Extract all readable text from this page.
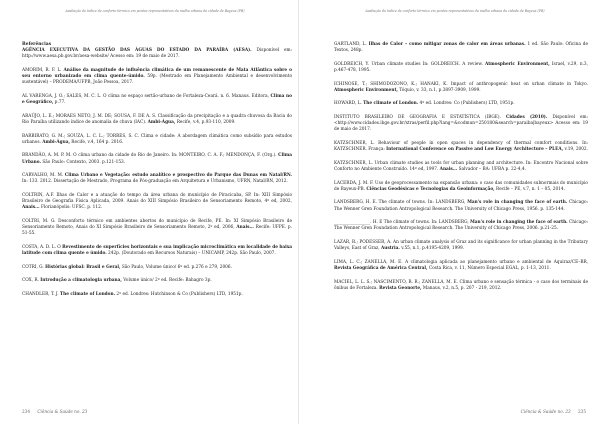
Avaliação do índice de conforto térmico em pontos representativos da malha urbana da cidade de Bayeux (PB)

Referências

AGÊNCIA EXECUTIVA DA GESTÃO DAS ÁGUAS DO ESTADO DA PARAÍBA (AESA). Disponível em: http://www.aesa.pb.gov.br/aesa-website/ Acesso em: 19 de maio de 2017.

AMORIM, R. F. L. Análise da magnitude de influência climática de um remanescente de Mata Atlântica sobre o seu entorno urbanizado em clima quente-úmido. 59p. (Mestrado em Planejamento Ambiental e desenvolvimento sustentável) – PRODEMA/UFPB, João Pessoa, 2017.

AL VARENGA, J. O.; SALES, M. C. L. O clima no espaço sertão-urbano de Fortaleza-Ceará. n. 6. Manaus. Editora, Clima no e Geográfico, p.77.

ARAÚJO, L. E.; MORAES NETO, J. M. DE; SOUSA, F. DE A. S. Classificação da precipitação e a quadra chuvosa da Bacia do Rio Paraíba utilizando índice de anomalia de chuva (IAC). Ambi-Água, Recife, v.4, p.93-110, 2009.

BARBIRATO, G. M.; SOUZA, L. C. L.; TORRES, S. C. Clima e cidade: A abordagem climática como subsídio para estudos urbanos. Ambi-Água, Recife, v.4, 164 p. 2016.

BRANDÃO, A. M. P. M. O clima urbano da cidade do Rio de Janeiro. In: MONTEIRO, C. A. F.; MENDONÇA, F. (Org.). Clima Urbano. São Paulo: Contexto, 2003. p.121-153.

CARVALHO, M. M. Clima Urbano e Vegetação: estudo analítico e prospectivo do Parque das Dunas em Natal/RN. In: 133. 2012. Dissertação de Mestrado, Programa de Pós-graduação em Arquitetura e Urbanismo, UFRN, Natal/RN, 2012.

COLTRIN, A.F. Ilhas de Calor e a atuação do tempo da área urbana do município de Piracicaba, SP. In: XIII Simpósio Brasileiro de Geografia Física Aplicada, 2009. Anais do XIII Simpósio Brasileiro de Sensoriamento Remoto, 4º ed, 2002, Anais... Florianópolis: UFSC. p. 112.

COLTRI, M. G. Desconforto térmico em ambientes abertos do município de Recife, PE. In: XI Simpósio Brasileiro de Sensoriamento Remoto, Anais do XI Simpósio Brasileiro de Sensoriamento Remoto, 2º ed, 2006, Anais... Recife: UFPE. p. 51-55.

COSTA, A. D. L. O Revestimento de superfícies horizontais e sua implicação microclimática em localidade de baixa latitude com clima quente e úmido. 242p. (Doutorado em Recursos Naturais) – UNICAMP, 242p. São Paulo, 2007.

COTRI, G. Histórias global: Brasil e Geral, São Paulo, Volume único/ 6º ed. p.276 e 279, 2006.

COX, R. Introdução a climatologia urbana, Volume único/ 2º ed. Recife: Bahagro 3p.

CHANDLER, T. J. The climate of London. 2º ed. Londres: Hutchinson & Co (Publishers) LTD, 1951p.

234 Ciência & Saúde no. 23
Avaliação do índice de conforto térmico em pontos representativos da malha urbana da cidade de Bayeux (PB)

GARTLAND, L. Ilhas de Calor – como mitigar zonas de calor em áreas urbanas. 1 ed. São Paulo: Oficina de Textos, 248p.

GOLDREICH, Y. Urban climate studies In: GOLDREICH. A review. Atmospheric Environment, Israel, v.29, n.3, p.467-478, 1995.

ICHINOSE, T.; SHIMODOZONO, K.; HANAKI, K. Impact of anthropogenic heat on urban climate in Tokyo. Atmospheric Environment, Tóquio, v. 33, n.1, p.3897-3909, 1999.

HOWARD, L. The climate of London. 4º ed. Londres: Co (Publishers) LTD, 1951p.

INSTITUTO BRASILEIRO DE GEOGRAFIA E ESTATÍSTICA (IBGE). Cidades (2010). Disponível em: <http://www.cidades.ibge.gov.br/xtras/perfil.php?lang=&codmun=250180&search=paraiba|bayeux> Acesso em: 19 de maio de 2017.

KATZSCHNER, L. Behaviour of people in open spaces in dependency of thermal comfort conditions. In: KATZSCHNER. França: International Conference on Passive and Low Energy Architecture – PLEA, v.19, 2002.

KATZSCHNER, L. Urban climate studies as tools for urban planning and architecture. In: Encontro Nacional sobre Conforto no Ambiente Construído. 14º ed, 1997. Anais... Salvador – BA: UFBA p. 22-4,4.

LACERDA, J. M. F. Uso de geoprocessamento na expansão urbana: o caso das comunidades subnormais do município de Bayeux-PB. Ciências Geodésicas e Tecnologias da Geoinformação, Recife – PE, v.7, n. 1 – 05, 2014.

LANDSBERG, H. E. The climate of towns. In: LANDSBERG, Man's role in changing the face of earth. Chicago: The Wenner Gren Foundation Antropological Research. The University of Chicago Press, 1956. p. 135-144.

_________________. H. E The climate of towns. In: LANDSBERG, Man's role in changing the face of earth. Chicago: The Wenner Gren Foundation Antropological Research. The University of Chicago Press, 2006. p.21-25.

LAZAR, R.; PODESSER, A. An urban climate analysis of Graz and its significance for urban planning in the Tributary Valleys, East of Graz, Austria. v.55, n.1, p.4195-4209, 1999.

LIMA, L. C.; ZANELLA, M. E. A climatologia aplicada ao planejamento urbano e ambiental de Aquiraz/CE–BR, Revista Geográfica de América Central, Costa Rica, v. 11, Número Especial EGAL, p. 1-13, 2011.

MACIEL, L. L. S.; NASCIMENTO, R. R.; ZANELLA, M. E. Clima urbano e sensação térmica - o caso dos terminais de ônibus de Fortaleza. Revista Geonorte, Manaus, v.2, n.5, p. 207 - 219, 2012.

Ciência & Saúde no. 23 235
